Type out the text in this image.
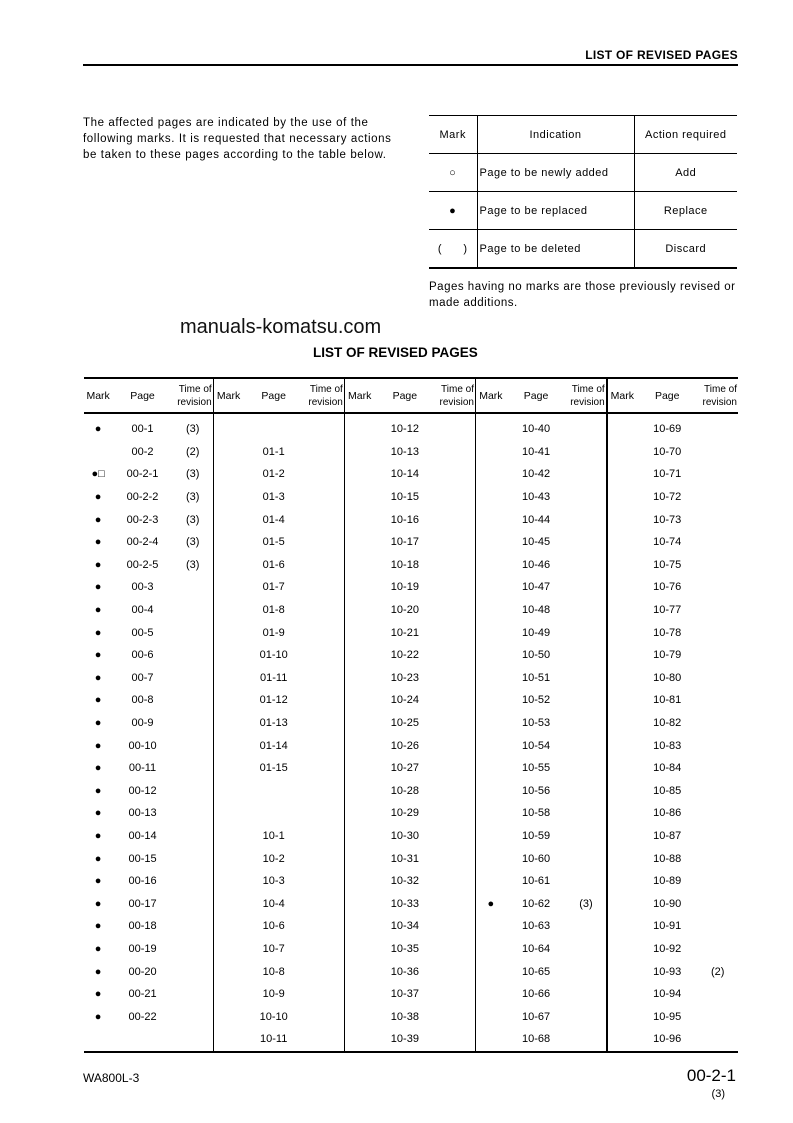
LIST OF REVISED PAGES
The affected pages are indicated by the use of the following marks. It is requested that necessary actions be taken to these pages according to the table below.
Mark	Indication	Action required
○	Page to be newly added	Add
●	Page to be replaced	Replace
(      )	Page to be deleted	Discard
Pages having no marks are those previously revised or made additions.
manuals-komatsu.com
LIST OF REVISED PAGES
Mark	Page	Time of revision	Mark	Page	Time of revision	Mark	Page	Time of revision	Mark	Page	Time of revision	Mark	Page	Time of revision
●	00-1	(3)					10-12			10-40			10-69	
	00-2	(2)		01-1			10-13			10-41			10-70	
●□	00-2-1	(3)		01-2			10-14			10-42			10-71	
●	00-2-2	(3)		01-3			10-15			10-43			10-72	
●	00-2-3	(3)		01-4			10-16			10-44			10-73	
●	00-2-4	(3)		01-5			10-17			10-45			10-74	
●	00-2-5	(3)		01-6			10-18			10-46			10-75	
●	00-3			01-7			10-19			10-47			10-76	
●	00-4			01-8			10-20			10-48			10-77	
●	00-5			01-9			10-21			10-49			10-78	
●	00-6			01-10			10-22			10-50			10-79	
●	00-7			01-11			10-23			10-51			10-80	
●	00-8			01-12			10-24			10-52			10-81	
●	00-9			01-13			10-25			10-53			10-82	
●	00-10			01-14			10-26			10-54			10-83	
●	00-11			01-15			10-27			10-55			10-84	
●	00-12						10-28			10-56			10-85	
●	00-13						10-29			10-58			10-86	
●	00-14			10-1			10-30			10-59			10-87	
●	00-15			10-2			10-31			10-60			10-88	
●	00-16			10-3			10-32			10-61			10-89	
●	00-17			10-4			10-33		●	10-62	(3)		10-90	
●	00-18			10-6			10-34			10-63			10-91	
●	00-19			10-7			10-35			10-64			10-92	
●	00-20			10-8			10-36			10-65			10-93	(2)
●	00-21			10-9			10-37			10-66			10-94	
●	00-22			10-10			10-38			10-67			10-95	
				10-11			10-39			10-68			10-96	
WA800L-3	00-2-1
(3)
